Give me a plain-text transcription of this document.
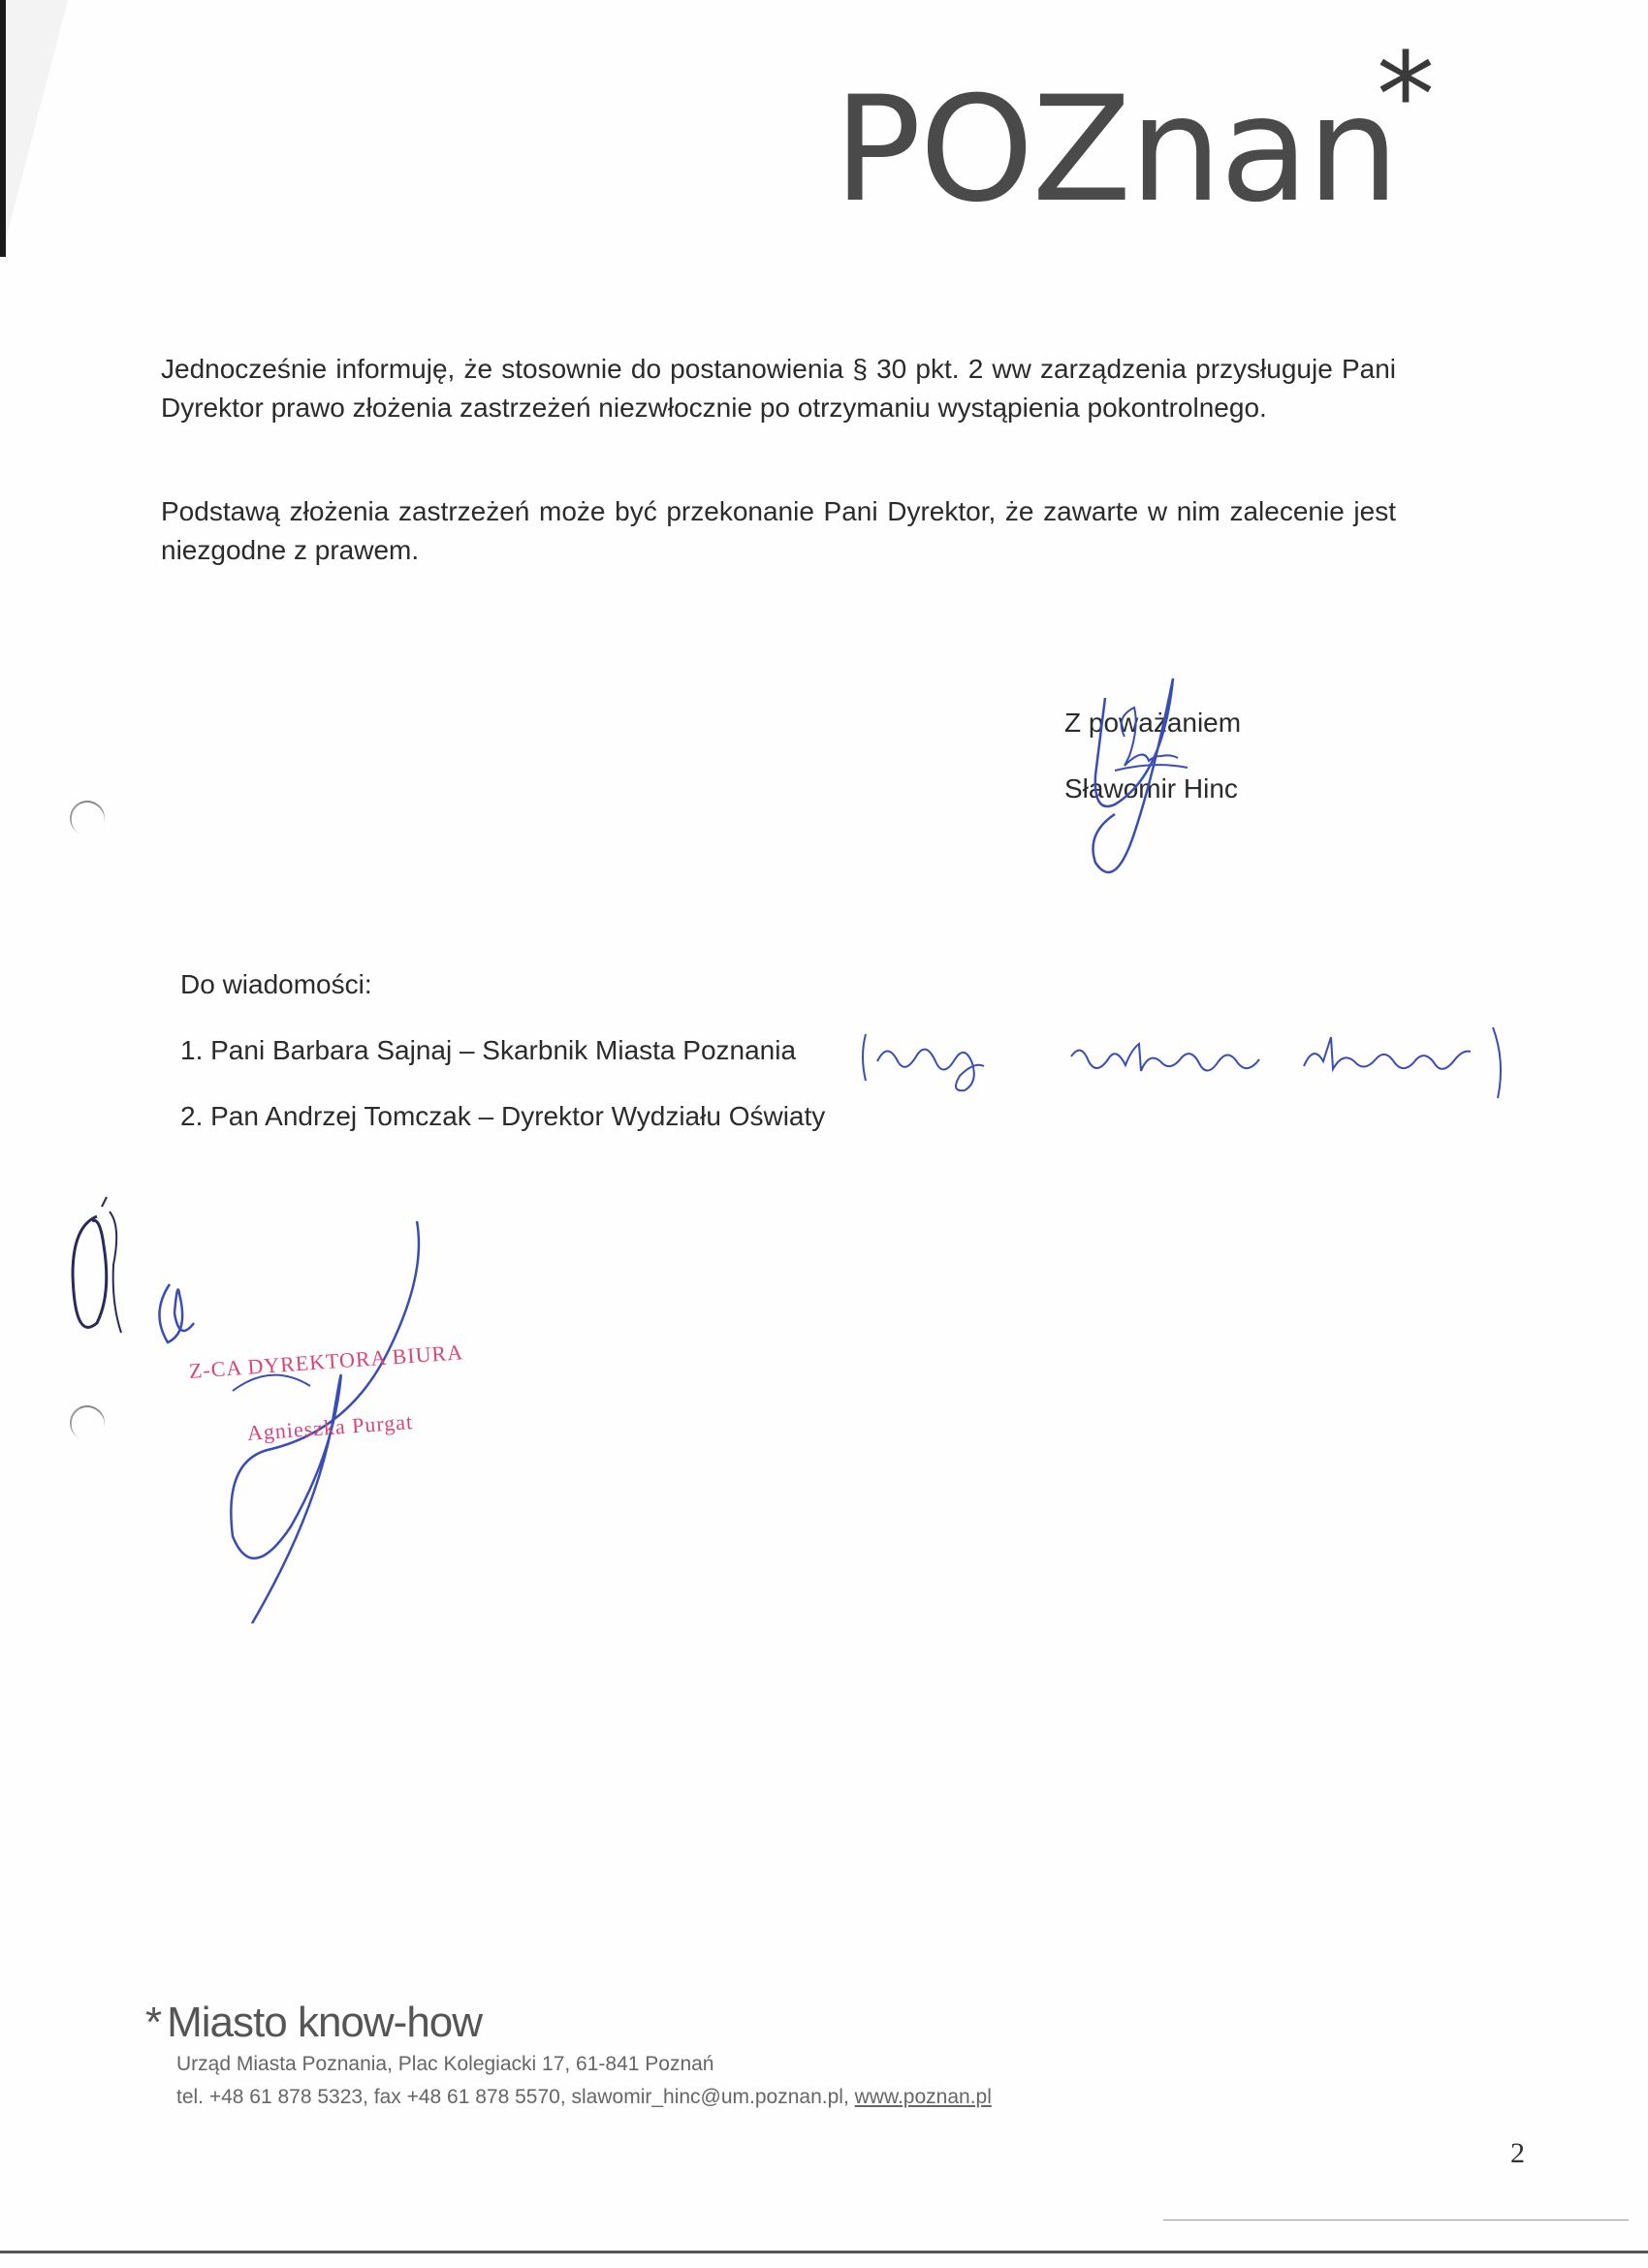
POZnan
*

Jednocześnie informuję, że stosownie do postanowienia § 30 pkt. 2 ww zarządzenia przysługuje Pani Dyrektor prawo złożenia zastrzeżeń niezwłocznie po otrzymaniu wystąpienia pokontrolnego.

Podstawą złożenia zastrzeżeń może być przekonanie Pani Dyrektor, że zawarte w nim zalecenie jest niezgodne z prawem.

Z poważaniem
Sławomir Hinc
Do wiadomości:
1. Pani Barbara Sajnaj – Skarbnik Miasta Poznania
2. Pan Andrzej Tomczak – Dyrektor Wydziału Oświaty
Z-CA DYREKTORA BIURA
Agnieszka Purgat
* Miasto know-how
Urząd Miasta Poznania, Plac Kolegiacki 17, 61-841 Poznań
tel. +48 61 878 5323, fax +48 61 878 5570, slawomir_hinc@um.poznan.pl, www.poznan.pl
2
